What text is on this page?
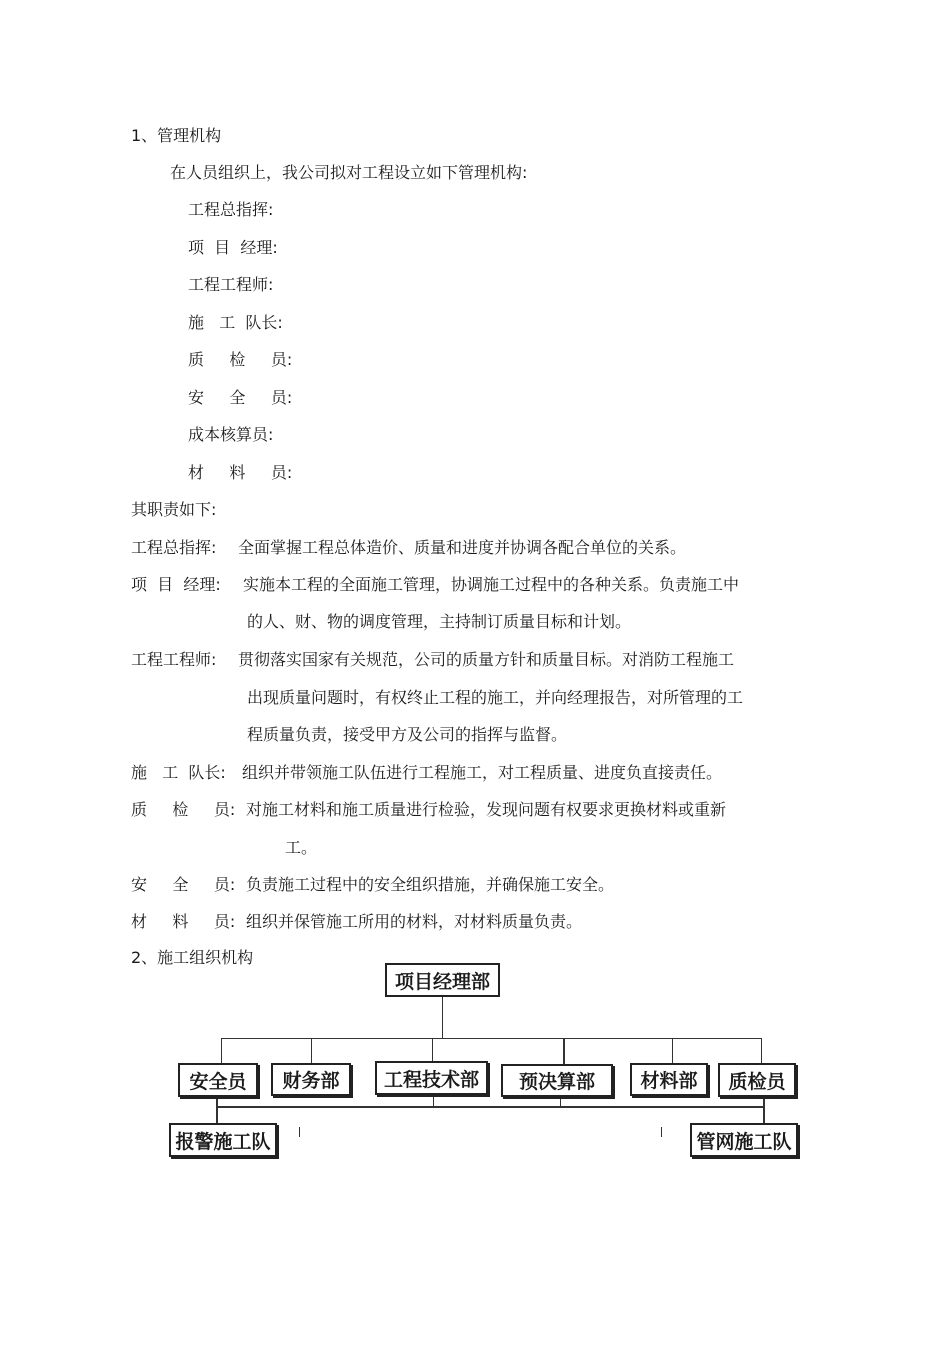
1、管理机构
在人员组织上，我公司拟对工程设立如下管理机构:
工程总指挥:
项  目  经理:
工程工程师:
施   工  队长:
质     检     员:
安     全     员:
成本核算员:
材     料     员:
其职责如下:
工程总指挥: 全面掌握工程总体造价、质量和进度并协调各配合单位的关系。
项  目  经理: 实施本工程的全面施工管理，协调施工过程中的各种关系。负责施工中
的人、财、物的调度管理，主持制订质量目标和计划。
工程工程师: 贯彻落实国家有关规范，公司的质量方针和质量目标。对消防工程施工
出现质量问题时，有权终止工程的施工，并向经理报告，对所管理的工
程质量负责，接受甲方及公司的指挥与监督。
施   工  队长: 组织并带领施工队伍进行工程施工，对工程质量、进度负直接责任。
质     检     员: 对施工材料和施工质量进行检验，发现问题有权要求更换材料或重新
工。
安     全     员: 负责施工过程中的安全组织措施，并确保施工安全。
材     料     员: 组织并保管施工所用的材料，对材料质量负责。
2、施工组织机构
项目经理部
安全员	财务部	工程技术部	预决算部	材料部	质检员
报警施工队	管网施工队
